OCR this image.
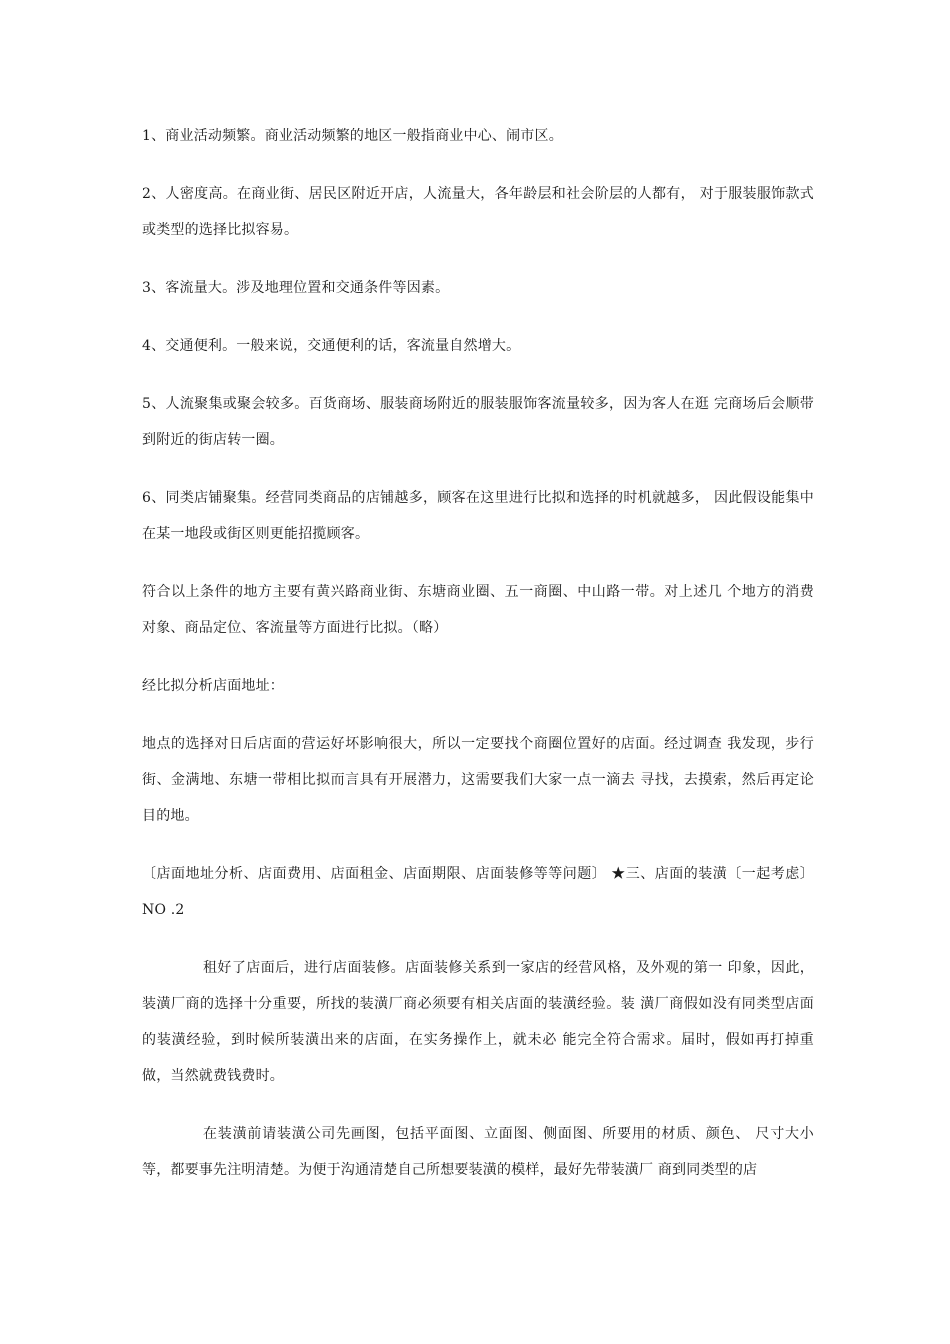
1、商业活动频繁。商业活动频繁的地区一般指商业中心、闹市区。

2、人密度高。在商业街、居民区附近开店，人流量大，各年龄层和社会阶层的人都有， 对于服装服饰款式或类型的选择比拟容易。

3、客流量大。涉及地理位置和交通条件等因素。

4、交通便利。一般来说，交通便利的话，客流量自然增大。

5、人流聚集或聚会较多。百货商场、服装商场附近的服装服饰客流量较多，因为客人在逛 完商场后会顺带到附近的街店转一圈。

6、同类店铺聚集。经营同类商品的店铺越多，顾客在这里进行比拟和选择的时机就越多， 因此假设能集中在某一地段或街区则更能招揽顾客。

符合以上条件的地方主要有黄兴路商业街、东塘商业圈、五一商圈、中山路一带。对上述几 个地方的消费对象、商品定位、客流量等方面进行比拟。（略）

经比拟分析店面地址：

地点的选择对日后店面的营运好坏影响很大，所以一定要找个商圈位置好的店面。经过调查 我发现，步行街、金满地、东塘一带相比拟而言具有开展潜力，这需要我们大家一点一滴去 寻找，去摸索，然后再定论目的地。

〔店面地址分析、店面费用、店面租金、店面期限、店面装修等等问题〕 ★三、店面的装潢〔一起考虑〕NO .2

租好了店面后，进行店面装修。店面装修关系到一家店的经营风格，及外观的第一 印象，因此，装潢厂商的选择十分重要，所找的装潢厂商必须要有相关店面的装潢经验。装 潢厂商假如没有同类型店面的装潢经验，到时候所装潢出来的店面，在实务操作上，就未必 能完全符合需求。届时，假如再打掉重做，当然就费钱费时。

在装潢前请装潢公司先画图，包括平面图、立面图、侧面图、所要用的材质、颜色、 尺寸大小等，都要事先注明清楚。为便于沟通清楚自己所想要装潢的模样，最好先带装潢厂 商到同类型的店
